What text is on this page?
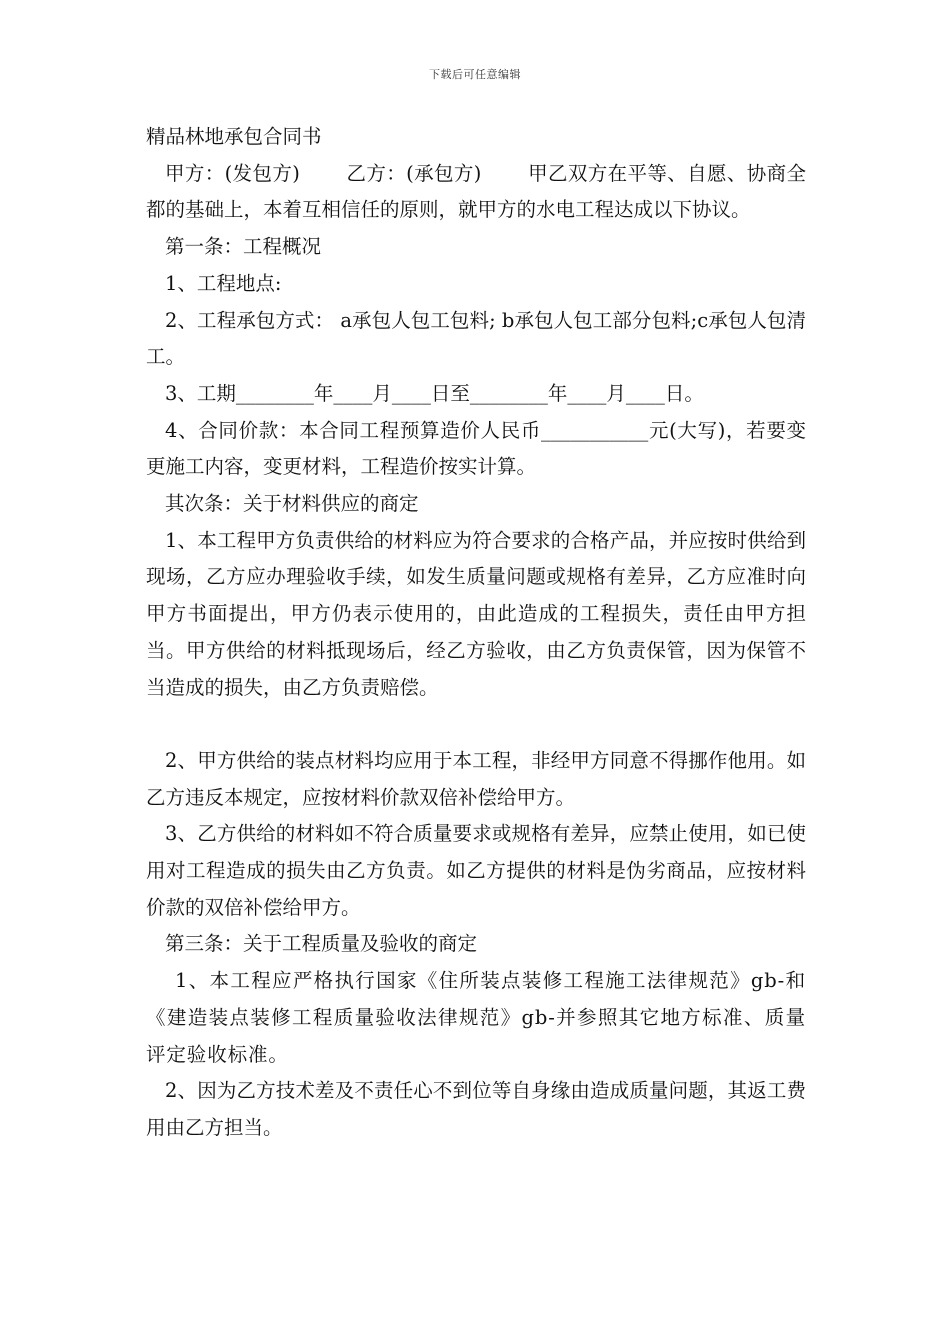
下载后可任意编辑

精品林地承包合同书

甲方：(发包方)　　 乙方：(承包方)　　 甲乙双方在平等、自愿、协商全都的基础上，本着互相信任的原则，就甲方的水电工程达成以下协议。

第一条：工程概况

1、工程地点:

2、工程承包方式： a承包人包工包料; b承包人包工部分包料;c承包人包清工。

3、工期________年____月____日至________年____月____日。

4、合同价款：本合同工程预算造价人民币___________元(大写)，若要变更施工内容，变更材料，工程造价按实计算。

其次条：关于材料供应的商定

1、本工程甲方负责供给的材料应为符合要求的合格产品，并应按时供给到现场，乙方应办理验收手续，如发生质量问题或规格有差异，乙方应准时向甲方书面提出，甲方仍表示使用的，由此造成的工程损失，责任由甲方担当。甲方供给的材料抵现场后，经乙方验收，由乙方负责保管，因为保管不当造成的损失，由乙方负责赔偿。

2、甲方供给的装点材料均应用于本工程，非经甲方同意不得挪作他用。如乙方违反本规定，应按材料价款双倍补偿给甲方。

3、乙方供给的材料如不符合质量要求或规格有差异，应禁止使用，如已使用对工程造成的损失由乙方负责。如乙方提供的材料是伪劣商品，应按材料价款的双倍补偿给甲方。

第三条：关于工程质量及验收的商定

1、本工程应严格执行国家《住所装点装修工程施工法律规范》gb-和《建造装点装修工程质量验收法律规范》gb-并参照其它地方标准、质量评定验收标准。

2、因为乙方技术差及不责任心不到位等自身缘由造成质量问题，其返工费用由乙方担当。
